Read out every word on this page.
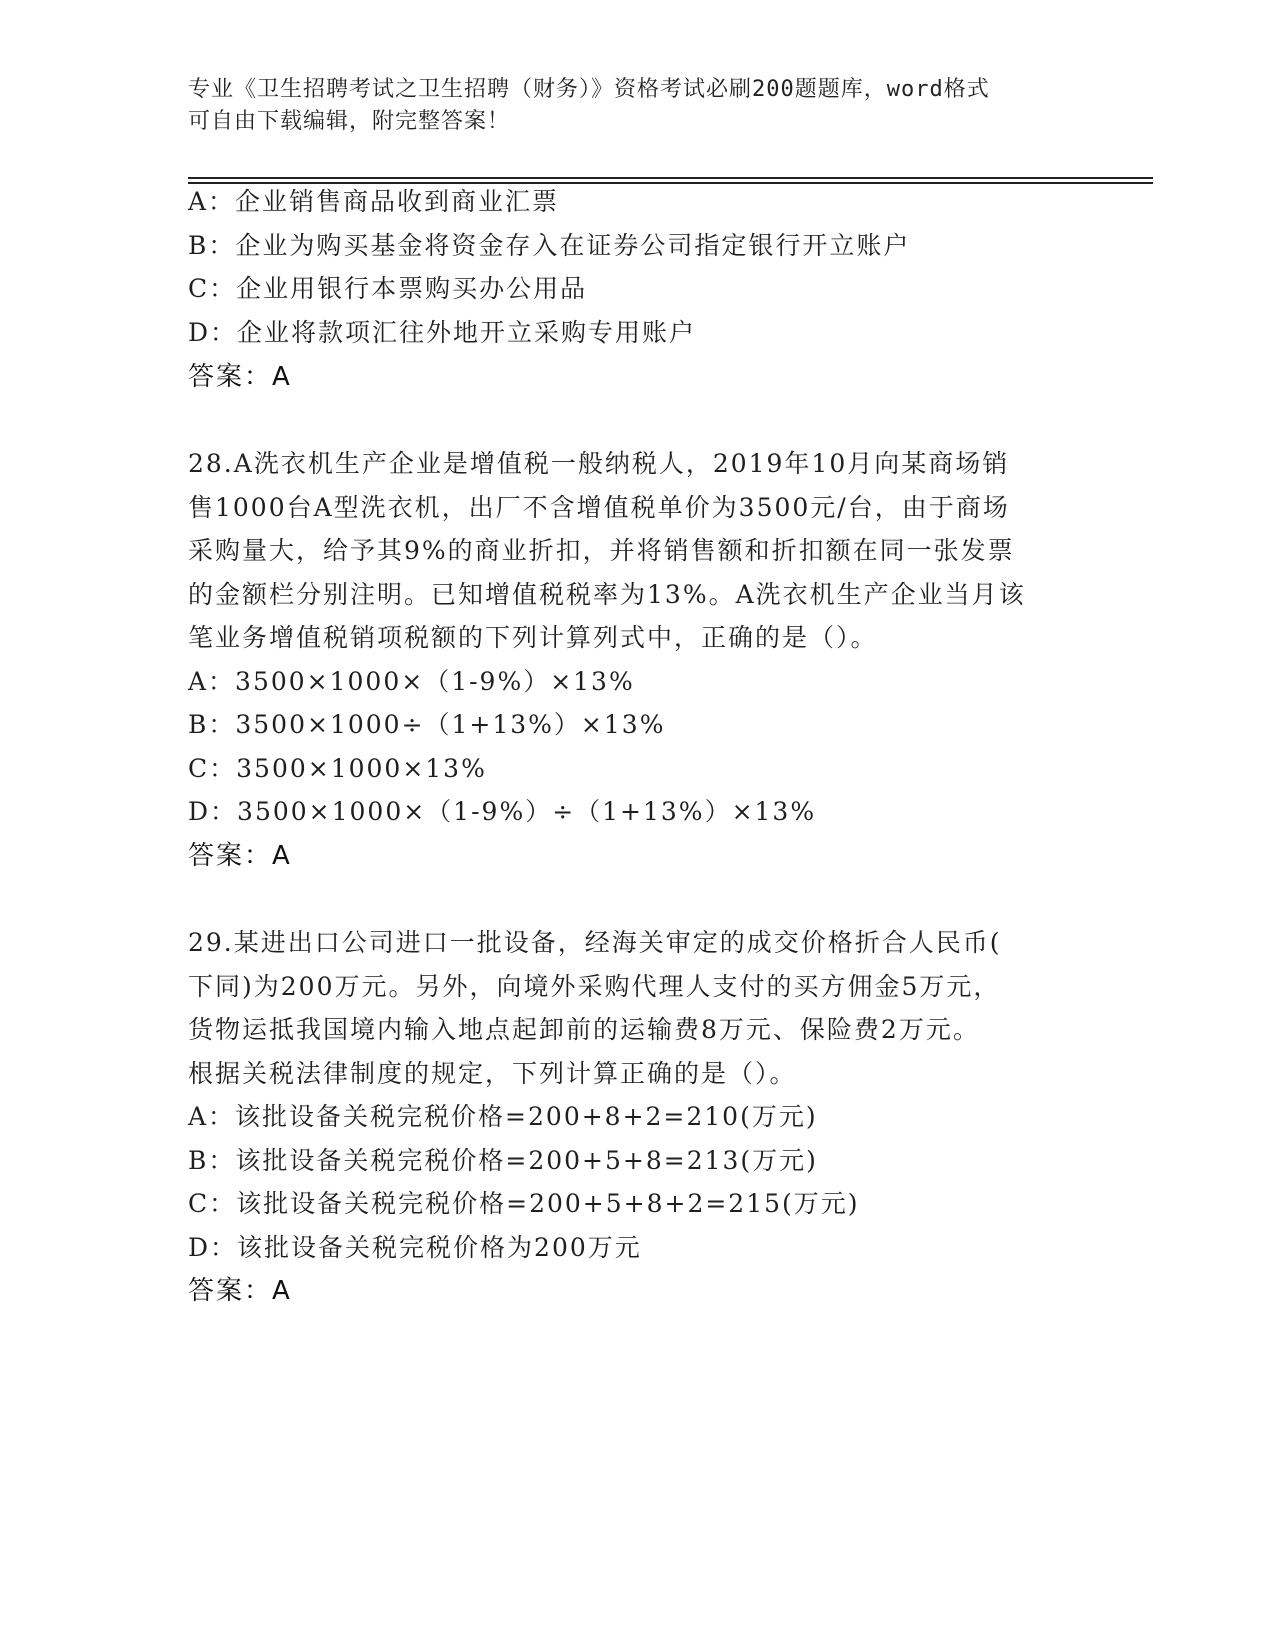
专业《卫生招聘考试之卫生招聘（财务）》资格考试必刷200题题库，word格式
可自由下载编辑，附完整答案！
A：企业销售商品收到商业汇票
B：企业为购买基金将资金存入在证券公司指定银行开立账户
C：企业用银行本票购买办公用品
D：企业将款项汇往外地开立采购专用账户
答案：A
28.A洗衣机生产企业是增值税一般纳税人，2019年10月向某商场销
售1000台A型洗衣机，出厂不含增值税单价为3500元/台，由于商场
采购量大，给予其9%的商业折扣，并将销售额和折扣额在同一张发票
的金额栏分别注明。已知增值税税率为13%。A洗衣机生产企业当月该
笔业务增值税销项税额的下列计算列式中，正确的是（）。
A：3500×1000×（1-9%）×13%
B：3500×1000÷（1+13%）×13%
C：3500×1000×13%
D：3500×1000×（1-9%）÷（1+13%）×13%
答案：A
29.某进出口公司进口一批设备，经海关审定的成交价格折合人民币(
下同)为200万元。另外，向境外采购代理人支付的买方佣金5万元，
货物运抵我国境内输入地点起卸前的运输费8万元、保险费2万元。
根据关税法律制度的规定，下列计算正确的是（）。
A：该批设备关税完税价格=200+8+2=210(万元)
B：该批设备关税完税价格=200+5+8=213(万元)
C：该批设备关税完税价格=200+5+8+2=215(万元)
D：该批设备关税完税价格为200万元
答案：A
